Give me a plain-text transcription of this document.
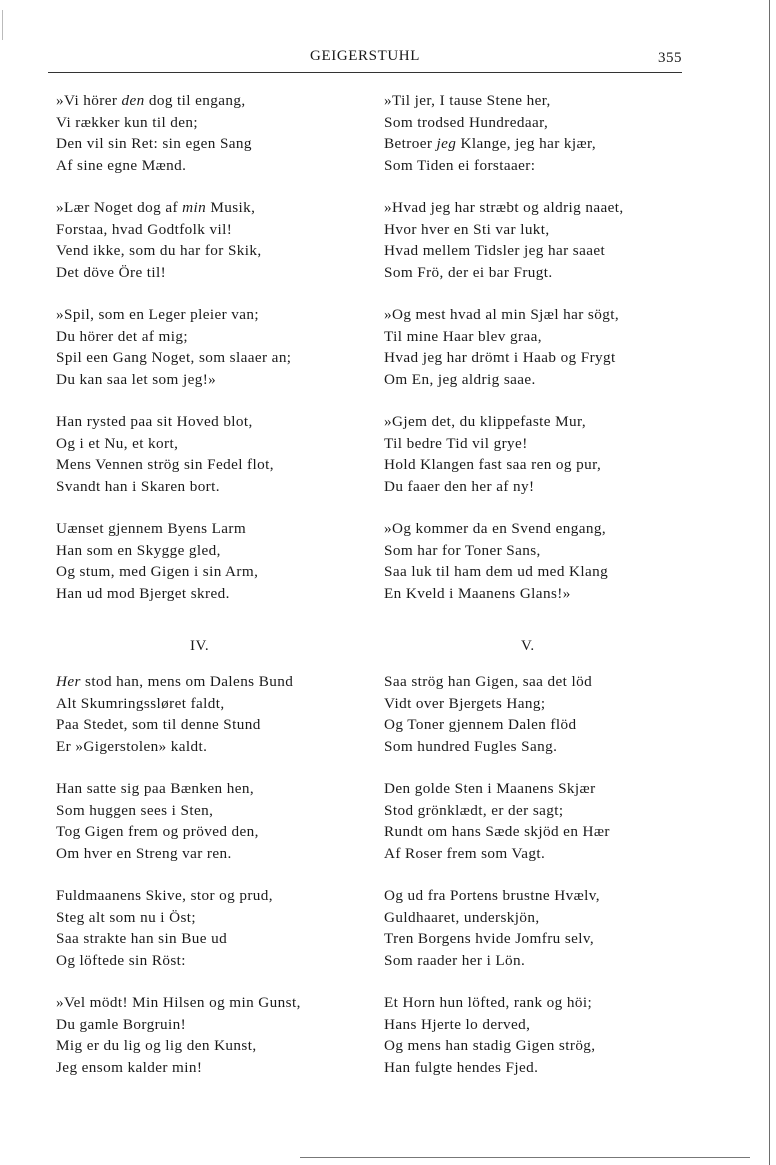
GEIGERSTUHL	355
»Vi hörer den dog til engang,
Vi rækker kun til den;
Den vil sin Ret: sin egen Sang
Af sine egne Mænd.
»Lær Noget dog af min Musik,
Forstaa, hvad Godtfolk vil!
Vend ikke, som du har for Skik,
Det döve Öre til!
»Spil, som en Leger pleier van;
Du hörer det af mig;
Spil een Gang Noget, som slaaer an;
Du kan saa let som jeg!»
Han rysted paa sit Hoved blot,
Og i et Nu, et kort,
Mens Vennen strög sin Fedel flot,
Svandt han i Skaren bort.
Uænset gjennem Byens Larm
Han som en Skygge gled,
Og stum, med Gigen i sin Arm,
Han ud mod Bjerget skred.
IV.
Her stod han, mens om Dalens Bund
Alt Skumringssløret faldt,
Paa Stedet, som til denne Stund
Er »Gigerstolen» kaldt.
Han satte sig paa Bænken hen,
Som huggen sees i Sten,
Tog Gigen frem og pröved den,
Om hver en Streng var ren.
Fuldmaanens Skive, stor og prud,
Steg alt som nu i Öst;
Saa strakte han sin Bue ud
Og löftede sin Röst:
»Vel mödt! Min Hilsen og min Gunst,
Du gamle Borgruin!
Mig er du lig og lig den Kunst,
Jeg ensom kalder min!
»Til jer, I tause Stene her,
Som trodsed Hundredaar,
Betroer jeg Klange, jeg har kjær,
Som Tiden ei forstaaer:
»Hvad jeg har stræbt og aldrig naaet,
Hvor hver en Sti var lukt,
Hvad mellem Tidsler jeg har saaet
Som Frö, der ei bar Frugt.
»Og mest hvad al min Sjæl har sögt,
Til mine Haar blev graa,
Hvad jeg har drömt i Haab og Frygt
Om En, jeg aldrig saae.
»Gjem det, du klippefaste Mur,
Til bedre Tid vil grye!
Hold Klangen fast saa ren og pur,
Du faaer den her af ny!
»Og kommer da en Svend engang,
Som har for Toner Sans,
Saa luk til ham dem ud med Klang
En Kveld i Maanens Glans!»
V.
Saa strög han Gigen, saa det löd
Vidt over Bjergets Hang;
Og Toner gjennem Dalen flöd
Som hundred Fugles Sang.
Den golde Sten i Maanens Skjær
Stod grönklædt, er der sagt;
Rundt om hans Sæde skjöd en Hær
Af Roser frem som Vagt.
Og ud fra Portens brustne Hvælv,
Guldhaaret, underskjön,
Tren Borgens hvide Jomfru selv,
Som raader her i Lön.
Et Horn hun löfted, rank og höi;
Hans Hjerte lo derved,
Og mens han stadig Gigen strög,
Han fulgte hendes Fjed.
